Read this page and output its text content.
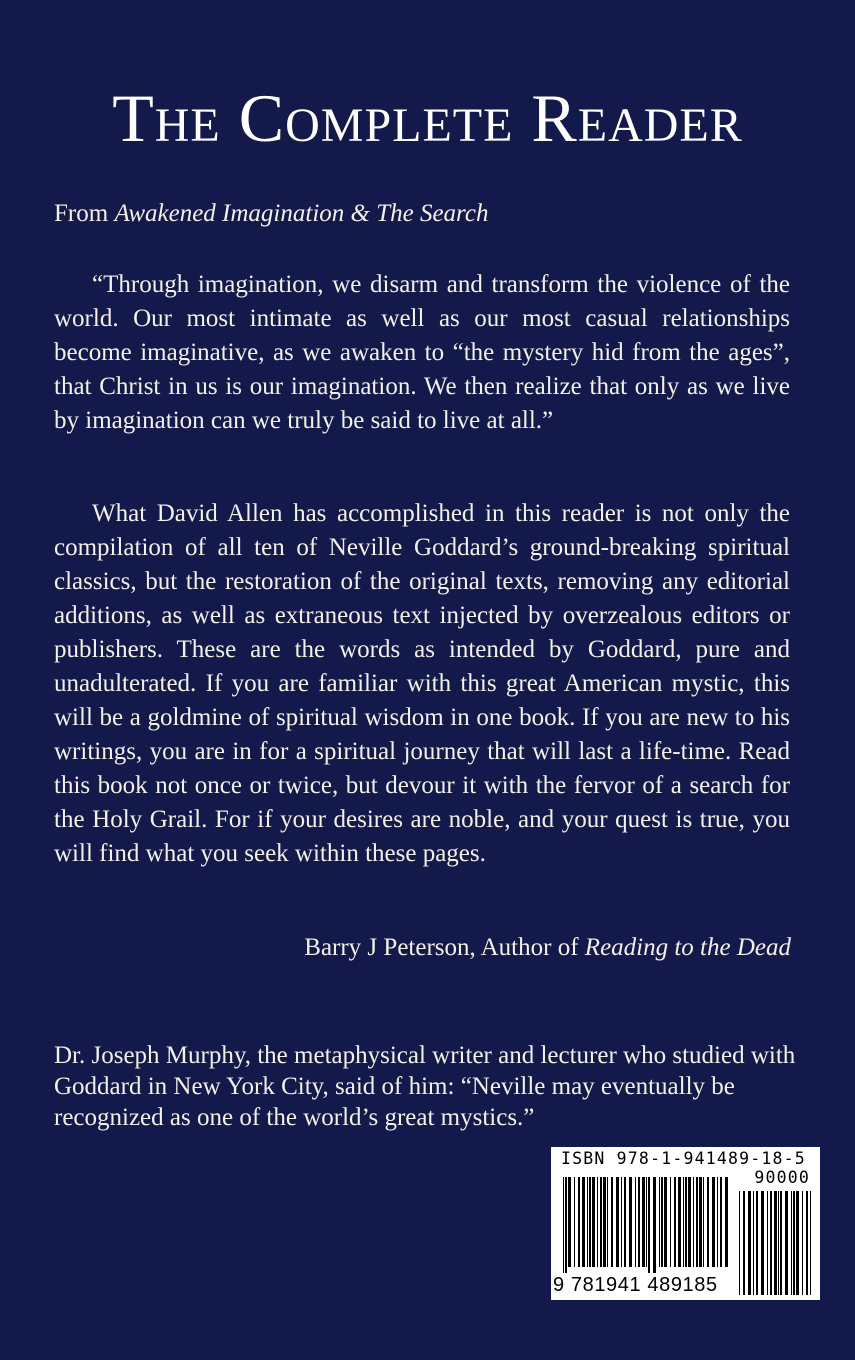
The Complete Reader
From Awakened Imagination & The Search
“Through imagination, we disarm and transform the violence of the world. Our most intimate as well as our most casual relationships become imaginative, as we awaken to “the mystery hid from the ages”, that Christ in us is our imagination. We then realize that only as we live by imagination can we truly be said to live at all.”
What David Allen has accomplished in this reader is not only the compilation of all ten of Neville Goddard’s ground-breaking spiritual classics, but the restoration of the original texts, removing any editorial additions, as well as extraneous text injected by overzealous editors or publishers. These are the words as intended by Goddard, pure and unadulterated. If you are familiar with this great American mystic, this will be a goldmine of spiritual wisdom in one book. If you are new to his writings, you are in for a spiritual journey that will last a life-time. Read this book not once or twice, but devour it with the fervor of a search for the Holy Grail. For if your desires are noble, and your quest is true, you will find what you seek within these pages.
Barry J Peterson, Author of Reading to the Dead
Dr. Joseph Murphy, the metaphysical writer and lecturer who studied with Goddard in New York City, said of him: “Neville may eventually be recognized as one of the world’s great mystics.”
ISBN 978-1-941489-18-5
90000
9 781941 489185
